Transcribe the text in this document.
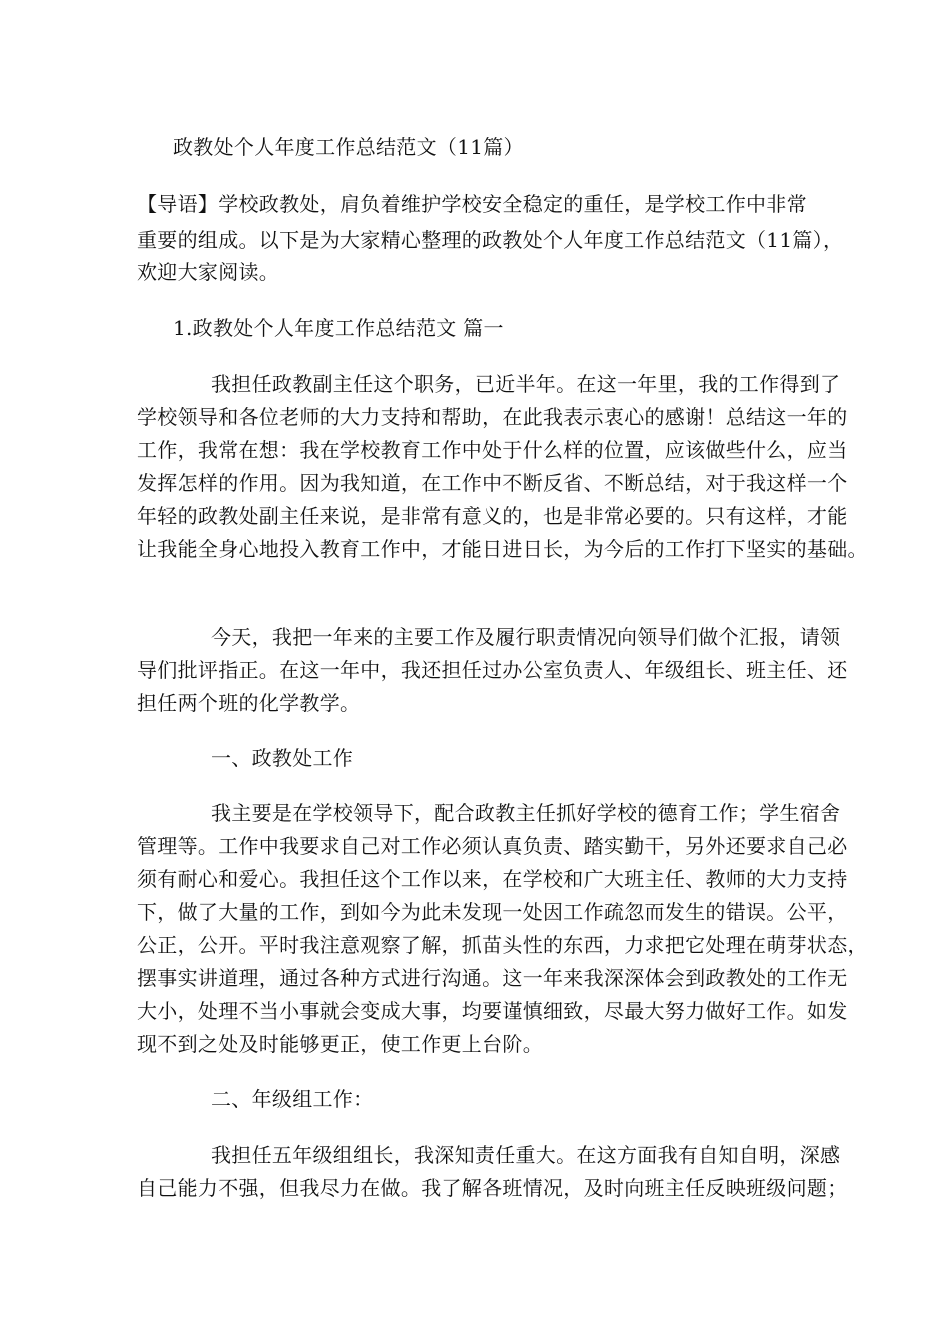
政教处个人年度工作总结范文（11篇）
【导语】学校政教处，肩负着维护学校安全稳定的重任，是学校工作中非常
重要的组成。以下是为大家精心整理的政教处个人年度工作总结范文（11篇），
欢迎大家阅读。
1.政教处个人年度工作总结范文 篇一
我担任政教副主任这个职务，已近半年。在这一年里，我的工作得到了
学校领导和各位老师的大力支持和帮助，在此我表示衷心的感谢！总结这一年的
工作，我常在想：我在学校教育工作中处于什么样的位置，应该做些什么，应当
发挥怎样的作用。因为我知道，在工作中不断反省、不断总结，对于我这样一个
年轻的政教处副主任来说，是非常有意义的，也是非常必要的。只有这样，才能
让我能全身心地投入教育工作中，才能日进日长，为今后的工作打下坚实的基础。
今天，我把一年来的主要工作及履行职责情况向领导们做个汇报，请领
导们批评指正。在这一年中，我还担任过办公室负责人、年级组长、班主任、还
担任两个班的化学教学。
一、政教处工作
我主要是在学校领导下，配合政教主任抓好学校的德育工作；学生宿舍
管理等。工作中我要求自己对工作必须认真负责、踏实勤干，另外还要求自己必
须有耐心和爱心。我担任这个工作以来，在学校和广大班主任、教师的大力支持
下，做了大量的工作，到如今为此未发现一处因工作疏忽而发生的错误。公平，
公正，公开。平时我注意观察了解，抓苗头性的东西，力求把它处理在萌芽状态，
摆事实讲道理，通过各种方式进行沟通。这一年来我深深体会到政教处的工作无
大小，处理不当小事就会变成大事，均要谨慎细致，尽最大努力做好工作。如发
现不到之处及时能够更正，使工作更上台阶。
二、年级组工作：
我担任五年级组组长，我深知责任重大。在这方面我有自知自明，深感
自己能力不强，但我尽力在做。我了解各班情况，及时向班主任反映班级问题；
